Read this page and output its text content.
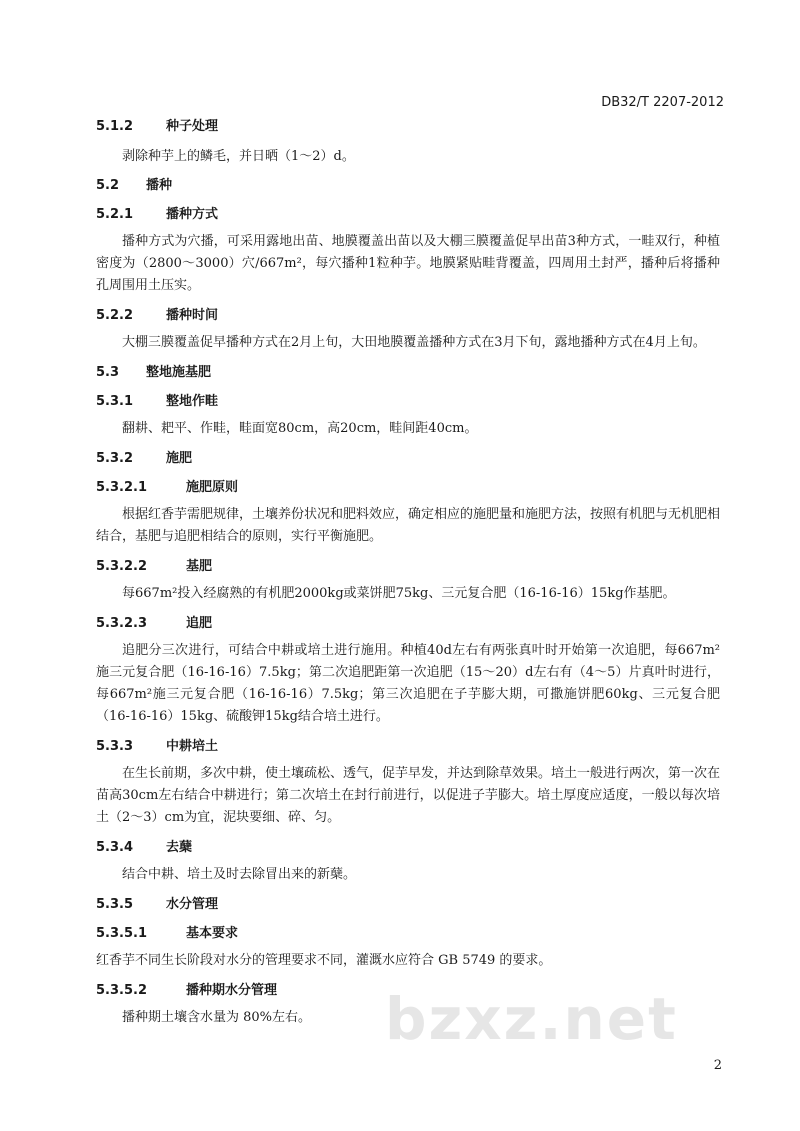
DB32/T 2207-2012
5.1.2	种子处理
剥除种芋上的鳞毛，并日晒（1～2）d。
5.2	播种
5.2.1	播种方式
播种方式为穴播，可采用露地出苗、地膜覆盖出苗以及大棚三膜覆盖促早出苗3种方式，一畦双行，种植密度为（2800～3000）穴/667m²，每穴播种1粒种芋。地膜紧贴畦背覆盖，四周用土封严，播种后将播种孔周围用土压实。
5.2.2	播种时间
大棚三膜覆盖促早播种方式在2月上旬，大田地膜覆盖播种方式在3月下旬，露地播种方式在4月上旬。
5.3	整地施基肥
5.3.1	整地作畦
翻耕、耙平、作畦，畦面宽80cm，高20cm，畦间距40cm。
5.3.2	施肥
5.3.2.1	施肥原则
根据红香芋需肥规律，土壤养份状况和肥料效应，确定相应的施肥量和施肥方法，按照有机肥与无机肥相结合，基肥与追肥相结合的原则，实行平衡施肥。
5.3.2.2	基肥
每667m²投入经腐熟的有机肥2000kg或菜饼肥75kg、三元复合肥（16-16-16）15kg作基肥。
5.3.2.3	追肥
追肥分三次进行，可结合中耕或培土进行施用。种植40d左右有两张真叶时开始第一次追肥，每667m²施三元复合肥（16-16-16）7.5kg；第二次追肥距第一次追肥（15～20）d左右有（4～5）片真叶时进行，每667m²施三元复合肥（16-16-16）7.5kg；第三次追肥在子芋膨大期，可撒施饼肥60kg、三元复合肥（16-16-16）15kg、硫酸钾15kg结合培土进行。
5.3.3	中耕培土
在生长前期，多次中耕，使土壤疏松、透气，促芋早发，并达到除草效果。培土一般进行两次，第一次在苗高30cm左右结合中耕进行；第二次培土在封行前进行，以促进子芋膨大。培土厚度应适度，一般以每次培土（2～3）cm为宜，泥块要细、碎、匀。
5.3.4	去蘖
结合中耕、培土及时去除冒出来的新蘖。
5.3.5	水分管理
5.3.5.1	基本要求
红香芋不同生长阶段对水分的管理要求不同，灌溉水应符合 GB 5749 的要求。
5.3.5.2	播种期水分管理
播种期土壤含水量为 80%左右。	bzxz.net
2
